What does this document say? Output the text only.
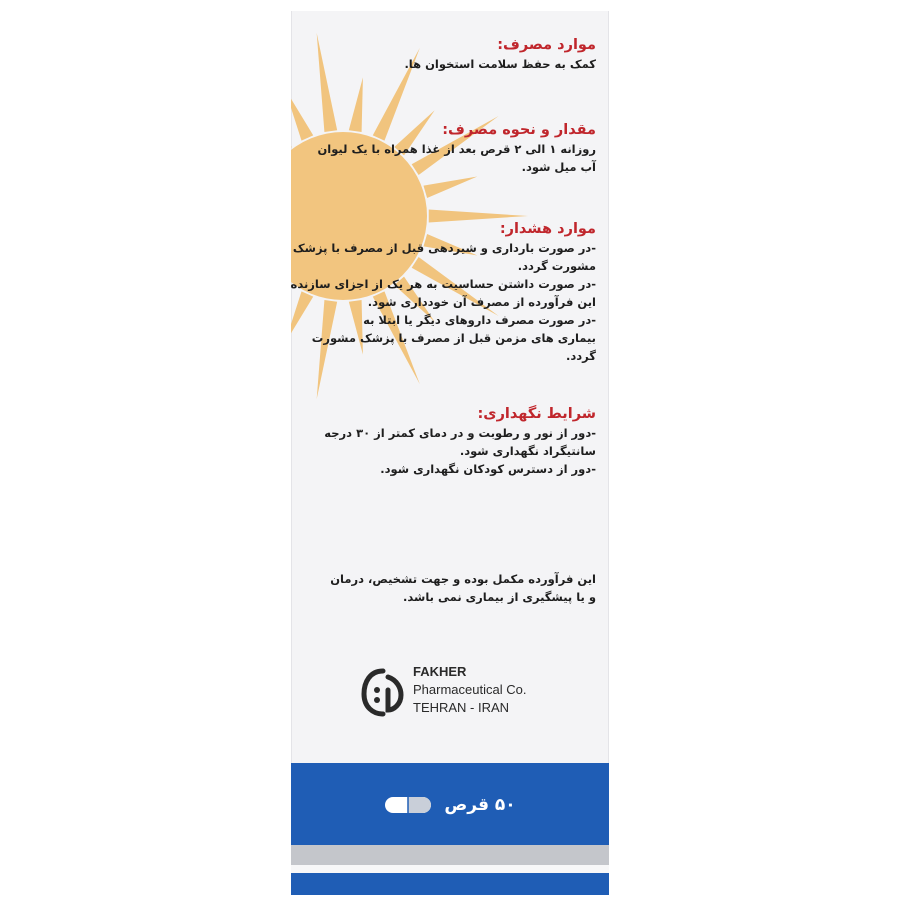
موارد مصرف:
کمک به حفظ سلامت استخوان ها.
مقدار و نحوه مصرف:
روزانه ۱ الی ۲ قرص بعد از غذا همراه با یک لیوان
آب میل شود.
موارد هشدار:
-در صورت بارداری و شیردهی قبل از مصرف با پزشک
مشورت گردد.
-در صورت داشتن حساسیت به هر یک از اجزای سازنده
این فرآورده از مصرف آن خودداری شود.
-در صورت مصرف داروهای دیگر یا ابتلا به
بیماری های مزمن قبل از مصرف با پزشک مشورت
گردد.
شرایط نگهداری:
-دور از نور و رطوبت و در دمای کمتر از ۳۰ درجه
سانتیگراد نگهداری شود.
-دور از دسترس کودکان نگهداری شود.
این فرآورده مکمل بوده و جهت تشخیص، درمان
و یا پیشگیری از بیماری نمی باشد.
FAKHER
Pharmaceutical Co.
TEHRAN - IRAN
۵۰ قرص
